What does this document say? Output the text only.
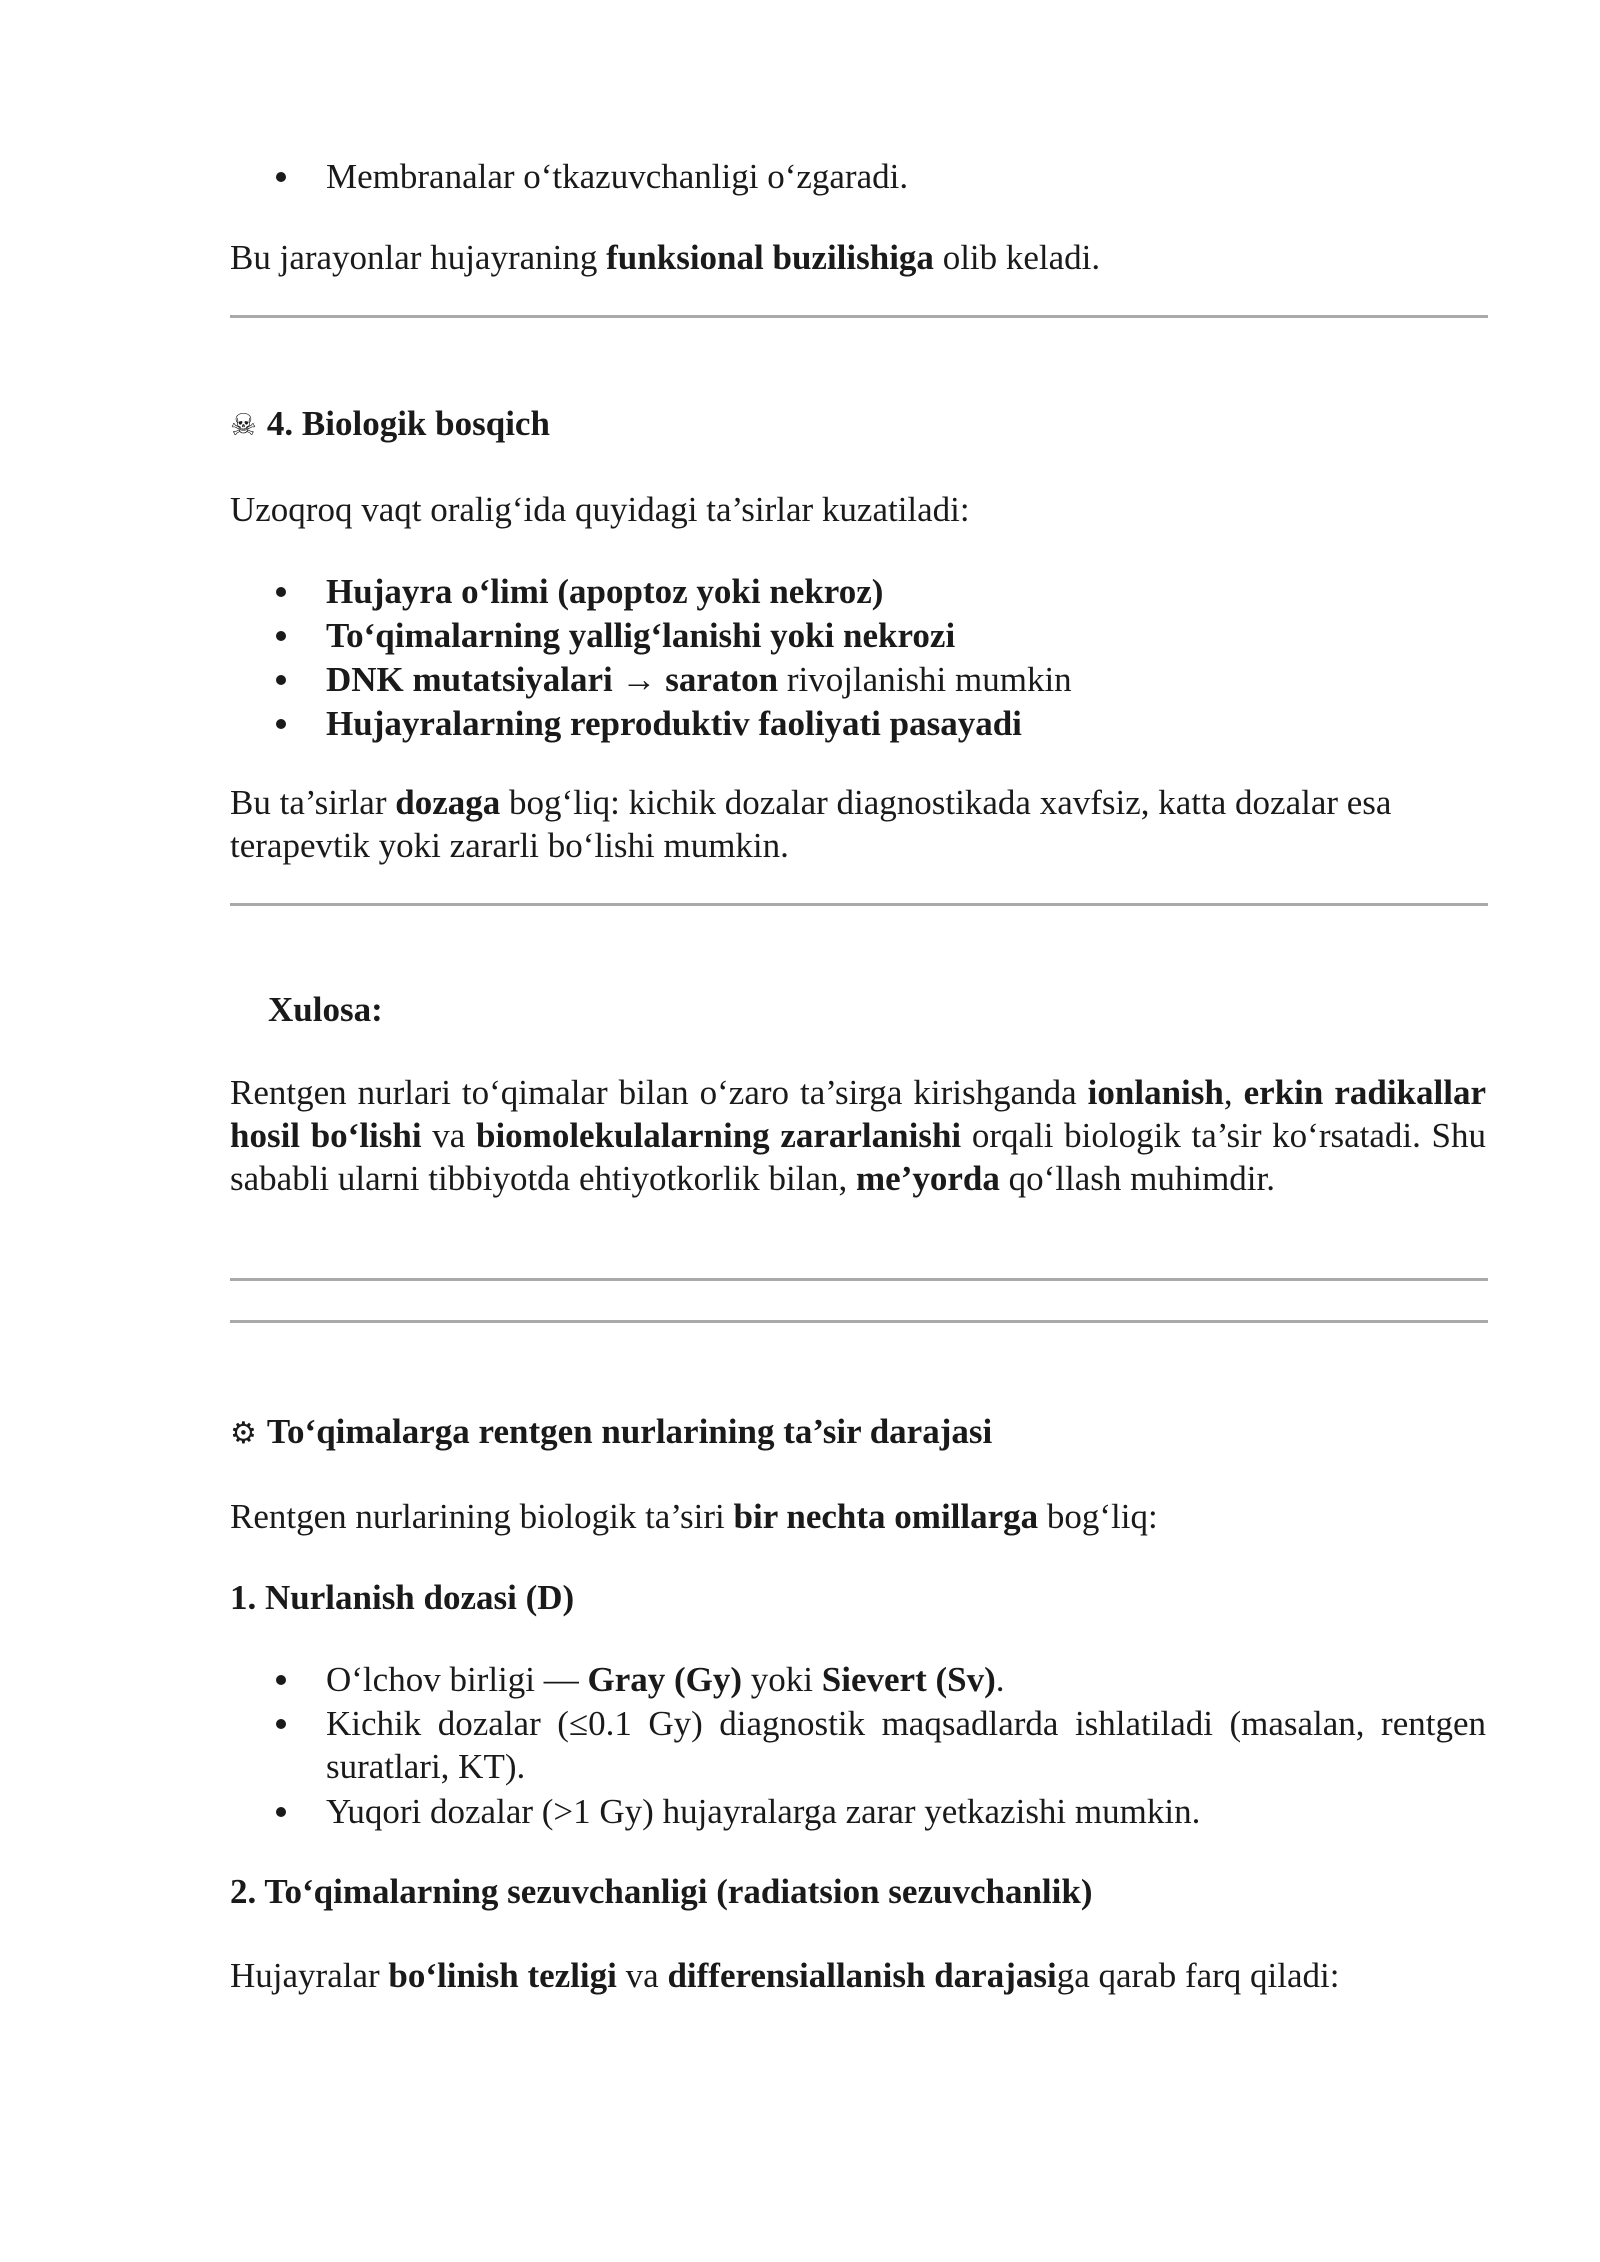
Membranalar o‘tkazuvchanligi o‘zgaradi.

Bu jarayonlar hujayraning funksional buzilishiga olib keladi.

☠ 4. Biologik bosqich

Uzoqroq vaqt oralig‘ida quyidagi ta’sirlar kuzatiladi:

Hujayra o‘limi (apoptoz yoki nekroz)

To‘qimalarning yallig‘lanishi yoki nekrozi

DNK mutatsiyalari → saraton rivojlanishi mumkin

Hujayralarning reproduktiv faoliyati pasayadi

Bu ta’sirlar dozaga bog‘liq: kichik dozalar diagnostikada xavfsiz, katta dozalar esa terapevtik yoki zararli bo‘lishi mumkin.

Xulosa:

Rentgen nurlari to‘qimalar bilan o‘zaro ta’sirga kirishganda ionlanish, erkin radikallar hosil bo‘lishi va biomolekulalarning zararlanishi orqali biologik ta’sir ko‘rsatadi. Shu sababli ularni tibbiyotda ehtiyotkorlik bilan, me’yorda qo‘llash muhimdir.

⚙ To‘qimalarga rentgen nurlarining ta’sir darajasi

Rentgen nurlarining biologik ta’siri bir nechta omillarga bog‘liq:

1. Nurlanish dozasi (D)

O‘lchov birligi — Gray (Gy) yoki Sievert (Sv).

Kichik dozalar (≤0.1 Gy) diagnostik maqsadlarda ishlatiladi (masalan, rentgen suratlari, KT).

Yuqori dozalar (>1 Gy) hujayralarga zarar yetkazishi mumkin.

2. To‘qimalarning sezuvchanligi (radiatsion sezuvchanlik)

Hujayralar bo‘linish tezligi va differensiallanish darajasiga qarab farq qiladi:
